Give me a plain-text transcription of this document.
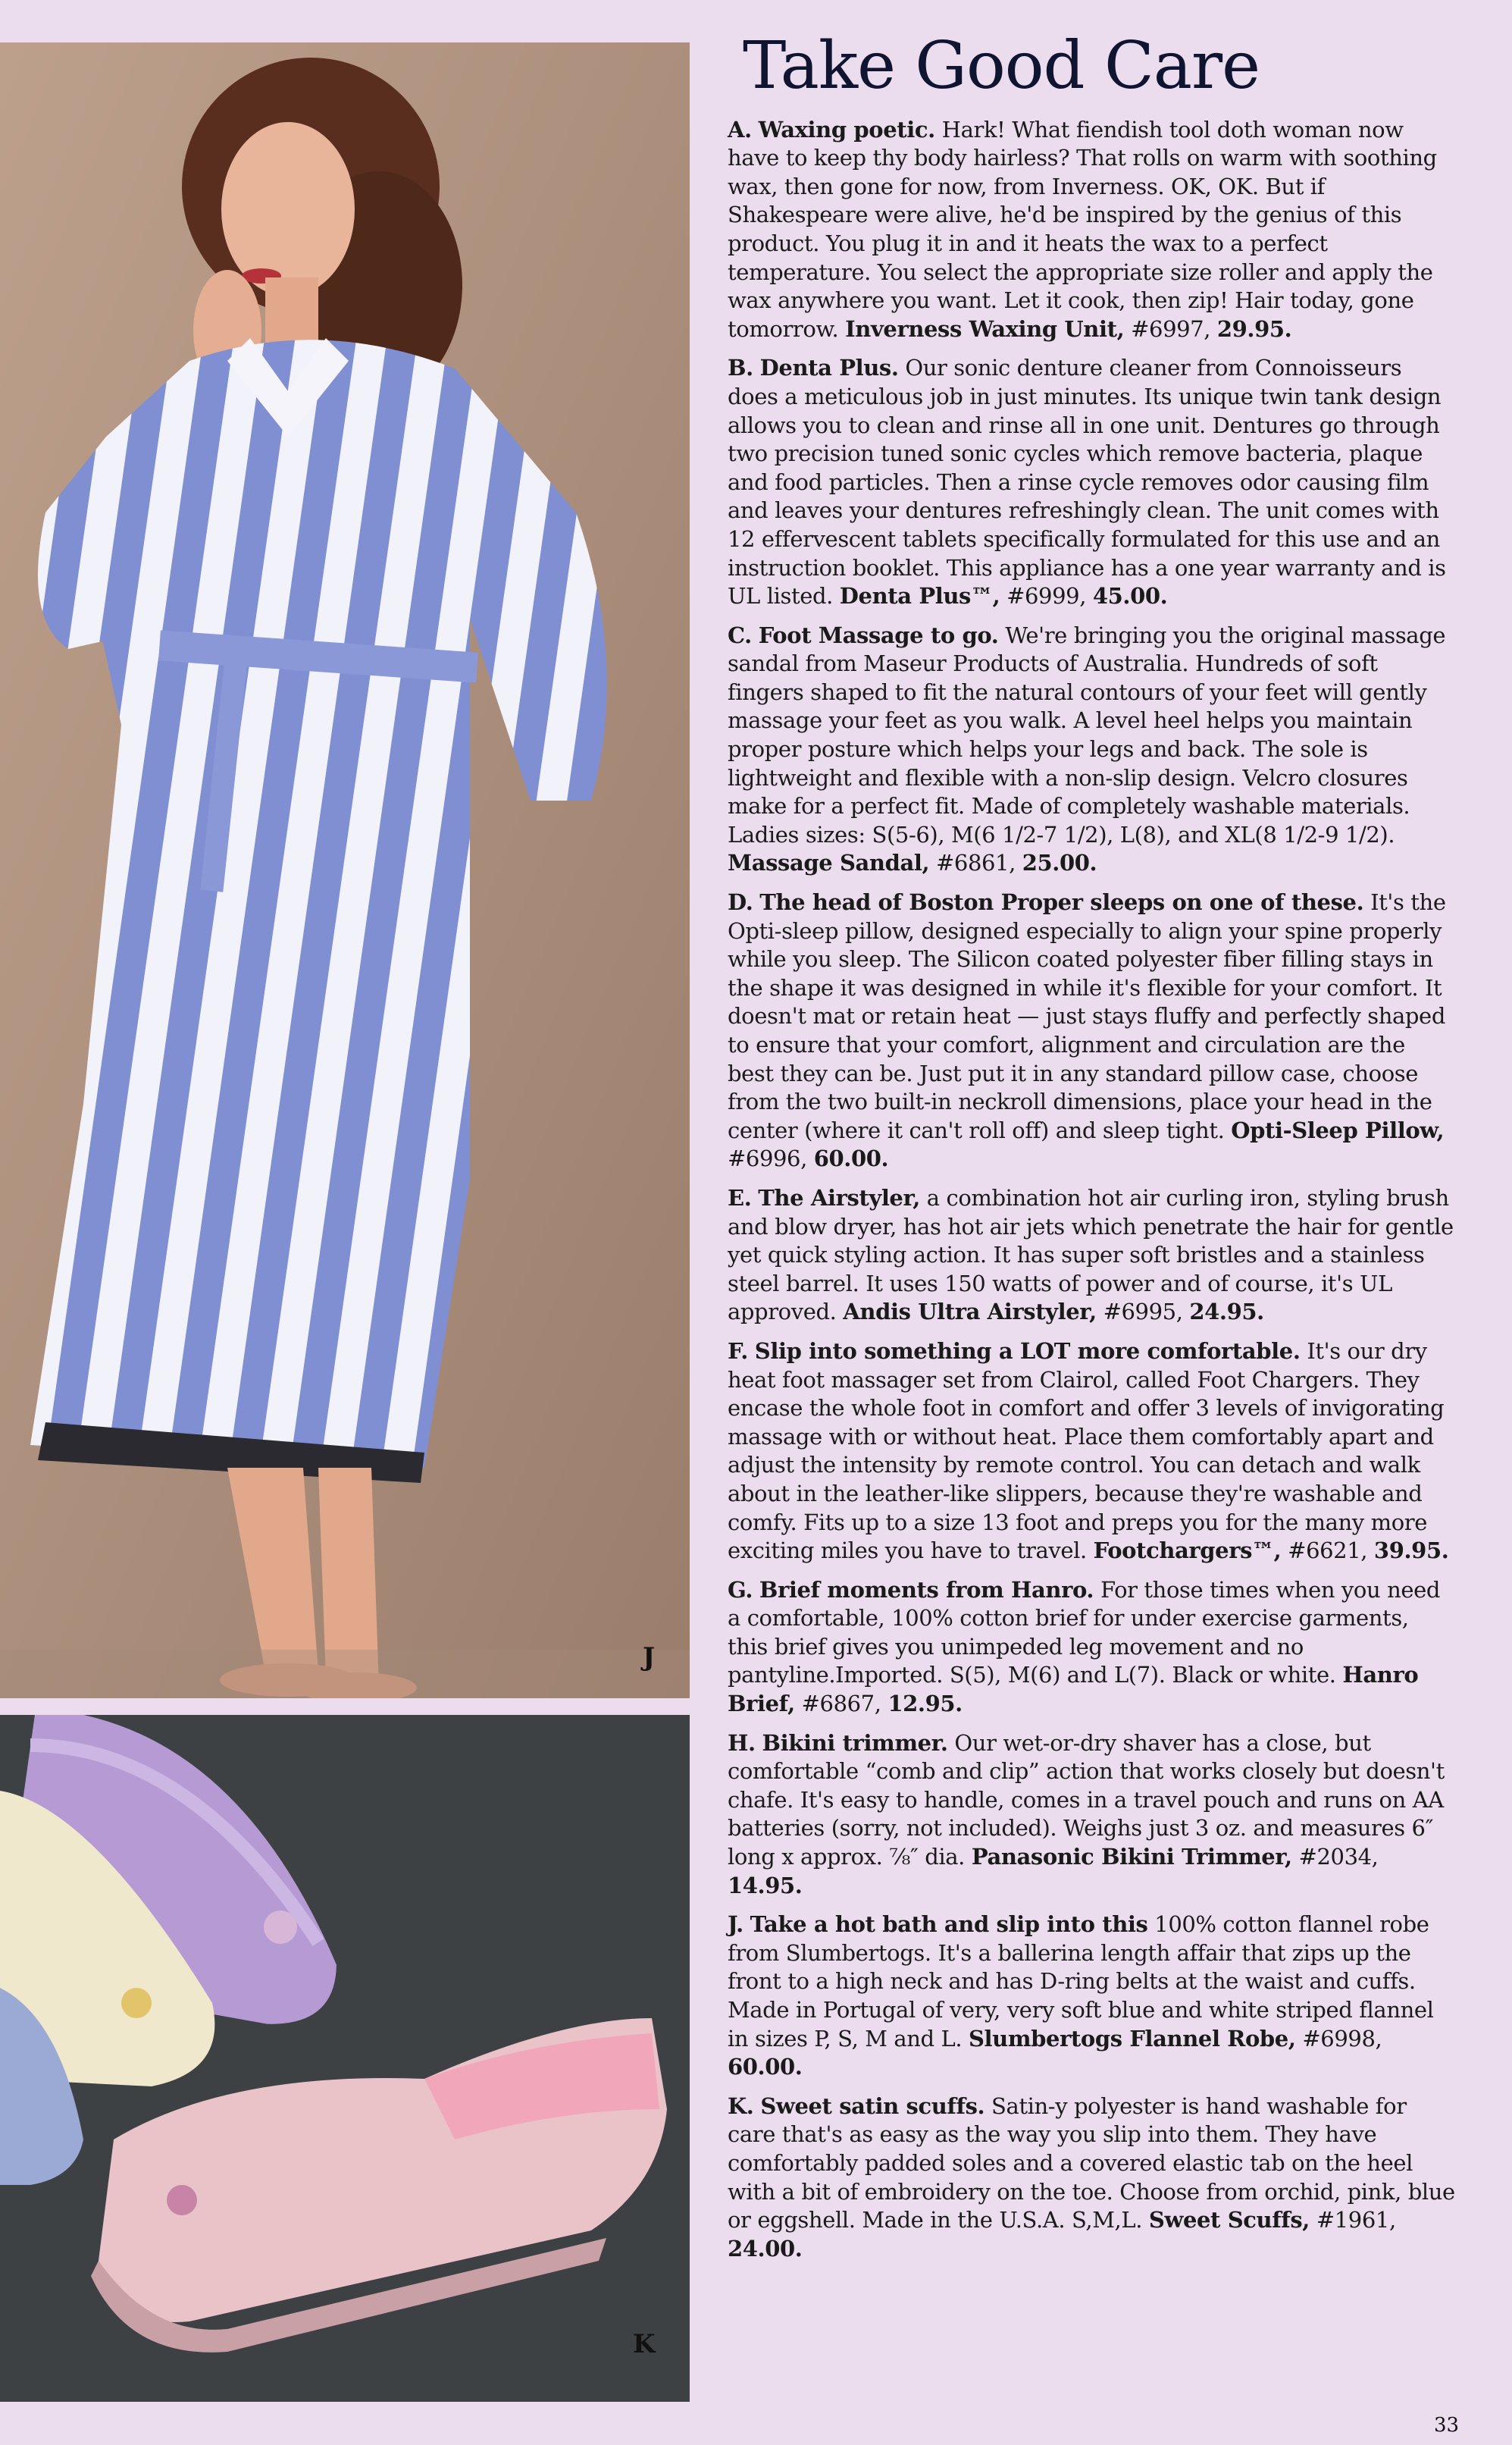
J
K
Take Good Care
A. Waxing poetic. Hark! What fiendish tool doth woman now have to keep thy body hairless? That rolls on warm with soothing wax, then gone for now, from Inverness. OK, OK. But if Shakespeare were alive, he'd be inspired by the genius of this product. You plug it in and it heats the wax to a perfect temperature. You select the appropriate size roller and apply the wax anywhere you want. Let it cook, then zip! Hair today, gone tomorrow. Inverness Waxing Unit, #6997, 29.95.
B. Denta Plus. Our sonic denture cleaner from Connoisseurs does a meticulous job in just minutes. Its unique twin tank design allows you to clean and rinse all in one unit. Dentures go through two precision tuned sonic cycles which remove bacteria, plaque and food particles. Then a rinse cycle removes odor causing film and leaves your dentures refreshingly clean. The unit comes with 12 effervescent tablets specifically formulated for this use and an instruction booklet. This appliance has a one year warranty and is UL listed. Denta Plus™, #6999, 45.00.
C. Foot Massage to go. We're bringing you the original massage sandal from Maseur Products of Australia. Hundreds of soft fingers shaped to fit the natural contours of your feet will gently massage your feet as you walk. A level heel helps you maintain proper posture which helps your legs and back. The sole is lightweight and flexible with a non-slip design. Velcro closures make for a perfect fit. Made of completely washable materials. Ladies sizes: S(5-6), M(6 1/2-7 1/2), L(8), and XL(8 1/2-9 1/2). Massage Sandal, #6861, 25.00.
D. The head of Boston Proper sleeps on one of these. It's the Opti-sleep pillow, designed especially to align your spine properly while you sleep. The Silicon coated polyester fiber filling stays in the shape it was designed in while it's flexible for your comfort. It doesn't mat or retain heat — just stays fluffy and perfectly shaped to ensure that your comfort, alignment and circulation are the best they can be. Just put it in any standard pillow case, choose from the two built-in neckroll dimensions, place your head in the center (where it can't roll off) and sleep tight. Opti-Sleep Pillow, #6996, 60.00.
E. The Airstyler, a combination hot air curling iron, styling brush and blow dryer, has hot air jets which penetrate the hair for gentle yet quick styling action. It has super soft bristles and a stainless steel barrel. It uses 150 watts of power and of course, it's UL approved. Andis Ultra Airstyler, #6995, 24.95.
F. Slip into something a LOT more comfortable. It's our dry heat foot massager set from Clairol, called Foot Chargers. They encase the whole foot in comfort and offer 3 levels of invigorating massage with or without heat. Place them comfortably apart and adjust the intensity by remote control. You can detach and walk about in the leather-like slippers, because they're washable and comfy. Fits up to a size 13 foot and preps you for the many more exciting miles you have to travel. Footchargers™, #6621, 39.95.
G. Brief moments from Hanro. For those times when you need a comfortable, 100% cotton brief for under exercise garments, this brief gives you unimpeded leg movement and no pantyline.Imported. S(5), M(6) and L(7). Black or white. Hanro Brief, #6867, 12.95.
H. Bikini trimmer. Our wet-or-dry shaver has a close, but comfortable “comb and clip” action that works closely but doesn't chafe. It's easy to handle, comes in a travel pouch and runs on AA batteries (sorry, not included). Weighs just 3 oz. and measures 6″ long x approx. ⅞″ dia. Panasonic Bikini Trimmer, #2034, 14.95.
J. Take a hot bath and slip into this 100% cotton flannel robe from Slumbertogs. It's a ballerina length affair that zips up the front to a high neck and has D-ring belts at the waist and cuffs. Made in Portugal of very, very soft blue and white striped flannel in sizes P, S, M and L. Slumbertogs Flannel Robe, #6998, 60.00.
K. Sweet satin scuffs. Satin-y polyester is hand washable for care that's as easy as the way you slip into them. They have comfortably padded soles and a covered elastic tab on the heel with a bit of embroidery on the toe. Choose from orchid, pink, blue or eggshell. Made in the U.S.A. S,M,L. Sweet Scuffs, #1961, 24.00.
33
